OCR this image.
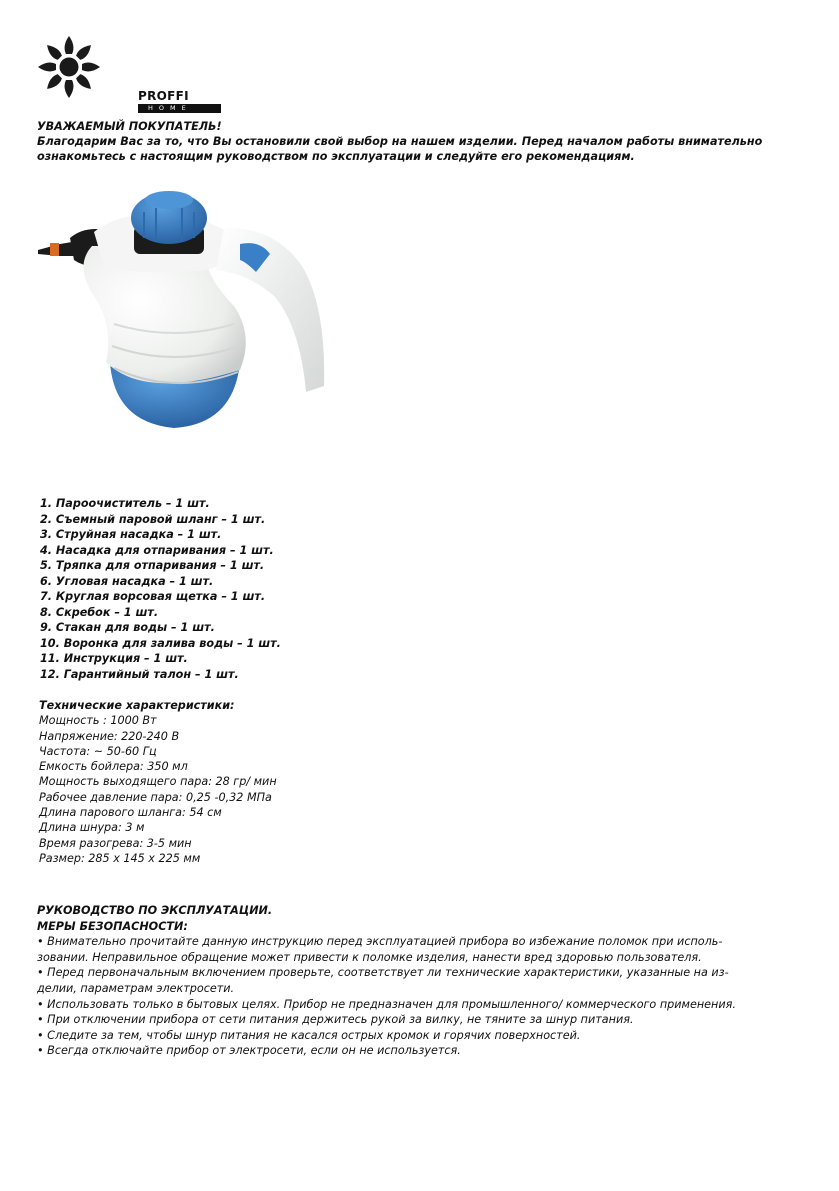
PROFFI
HOME
УВАЖАЕМЫЙ ПОКУПАТЕЛЬ!
Благодарим Вас за то, что Вы остановили свой выбор на нашем изделии. Перед началом работы внимательно
ознакомьтесь с настоящим руководством по эксплуатации и следуйте его рекомендациям.
1. Пароочиститель – 1 шт.
2. Съемный паровой шланг – 1 шт.
3. Струйная насадка – 1 шт.
4. Насадка для отпаривания – 1 шт.
5. Тряпка для отпаривания – 1 шт.
6. Угловая насадка – 1 шт.
7. Круглая ворсовая щетка – 1 шт.
8. Скребок – 1 шт.
9. Стакан для воды – 1 шт.
10. Воронка для залива воды – 1 шт.
11. Инструкция – 1 шт.
12. Гарантийный талон – 1 шт.
Технические характеристики:
Мощность : 1000 Вт
Напряжение: 220-240 В
Частота: ~ 50-60 Гц
Емкость бойлера: 350 мл
Мощность выходящего пара: 28 гр/ мин
Рабочее давление пара: 0,25 -0,32 МПа
Длина парового шланга: 54 см
Длина шнура: 3 м
Время разогрева: 3-5 мин
Размер: 285 х 145 х 225 мм
РУКОВОДСТВО ПО ЭКСПЛУАТАЦИИ.
МЕРЫ БЕЗОПАСНОСТИ:
• Внимательно прочитайте данную инструкцию перед эксплуатацией прибора во избежание поломок при исполь-
зовании. Неправильное обращение может привести к поломке изделия, нанести вред здоровью пользователя.
• Перед первоначальным включением проверьте, соответствует ли технические характеристики, указанные на из-
делии, параметрам электросети.
• Использовать только в бытовых целях. Прибор не предназначен для промышленного/ коммерческого применения.
• При отключении прибора от сети питания держитесь рукой за вилку, не тяните за шнур питания.
• Следите за тем, чтобы шнур питания не касался острых кромок и горячих поверхностей.
• Всегда отключайте прибор от электросети, если он не используется.
